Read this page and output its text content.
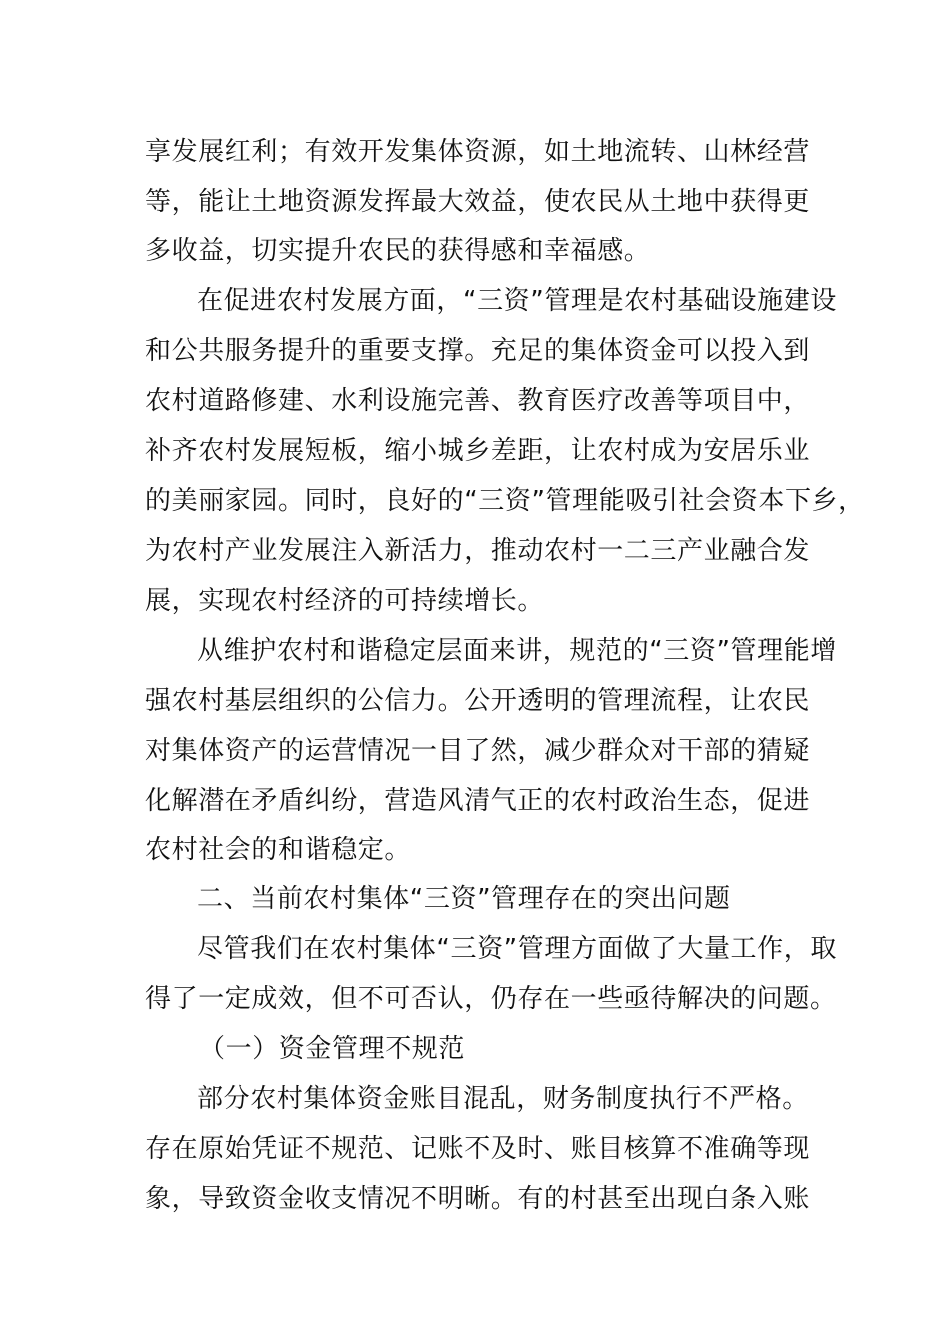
享发展红利；有效开发集体资源，如土地流转、山林经营

等，能让土地资源发挥最大效益，使农民从土地中获得更

多收益，切实提升农民的获得感和幸福感。

在促进农村发展方面，“三资”管理是农村基础设施建设

和公共服务提升的重要支撑。充足的集体资金可以投入到

农村道路修建、水利设施完善、教育医疗改善等项目中，

补齐农村发展短板，缩小城乡差距，让农村成为安居乐业

的美丽家园。同时，良好的“三资”管理能吸引社会资本下乡，

为农村产业发展注入新活力，推动农村一二三产业融合发

展，实现农村经济的可持续增长。

从维护农村和谐稳定层面来讲，规范的“三资”管理能增

强农村基层组织的公信力。公开透明的管理流程，让农民

对集体资产的运营情况一目了然，减少群众对干部的猜疑

化解潜在矛盾纠纷，营造风清气正的农村政治生态，促进

农村社会的和谐稳定。

二、当前农村集体“三资”管理存在的突出问题

尽管我们在农村集体“三资”管理方面做了大量工作，取

得了一定成效，但不可否认，仍存在一些亟待解决的问题。

（一）资金管理不规范

部分农村集体资金账目混乱，财务制度执行不严格。

存在原始凭证不规范、记账不及时、账目核算不准确等现

象，导致资金收支情况不明晰。有的村甚至出现白条入账
